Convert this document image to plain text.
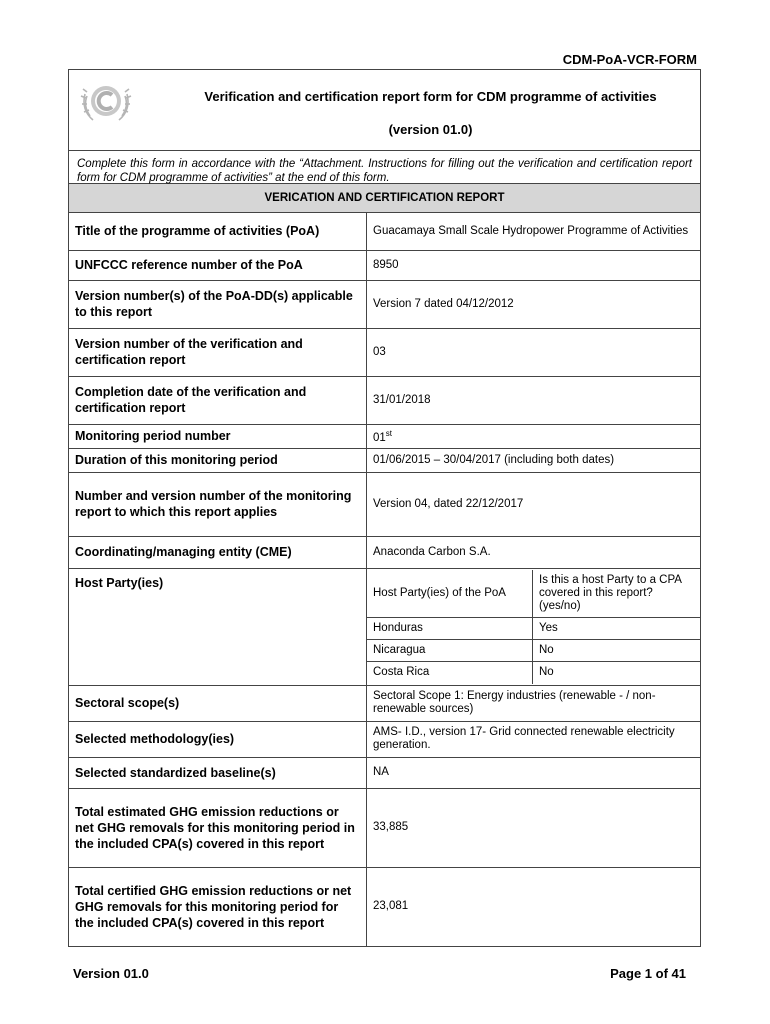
CDM-PoA-VCR-FORM
Verification and certification report form for CDM programme of activities
(version 01.0)
Complete this form in accordance with the “Attachment. Instructions for filling out the verification and certification report form for CDM programme of activities” at the end of this form.
VERICATION AND CERTIFICATION REPORT
Title of the programme of activities (PoA)	Guacamaya Small Scale Hydropower Programme of Activities
UNFCCC reference number of the PoA	8950
Version number(s) of the PoA-DD(s) applicable to this report	Version 7 dated 04/12/2012
Version number of the verification and certification report	03
Completion date of the verification and certification report	31/01/2018
Monitoring period number	01st
Duration of this monitoring period	01/06/2015 – 30/04/2017 (including both dates)
Number and version number of the monitoring report to which this report applies	Version 04, dated 22/12/2017
Coordinating/managing entity (CME)	Anaconda Carbon S.A.
Host Party(ies)	
Host Party(ies) of the PoA	Is this a host Party to a CPA covered in this report?(yes/no)
Honduras	Yes
Nicaragua	No
Costa Rica	No

Sectoral scope(s)	Sectoral Scope 1: Energy industries (renewable - / non-renewable sources)
Selected methodology(ies)	AMS- I.D., version 17- Grid connected renewable electricity generation.
Selected standardized baseline(s)	NA
Total estimated GHG emission reductions or net GHG removals for this monitoring period in the included CPA(s) covered in this report	33,885
Total certified GHG emission reductions or net GHG removals for this monitoring period for the included CPA(s) covered in this report	23,081
Version 01.0	Page 1 of 41
